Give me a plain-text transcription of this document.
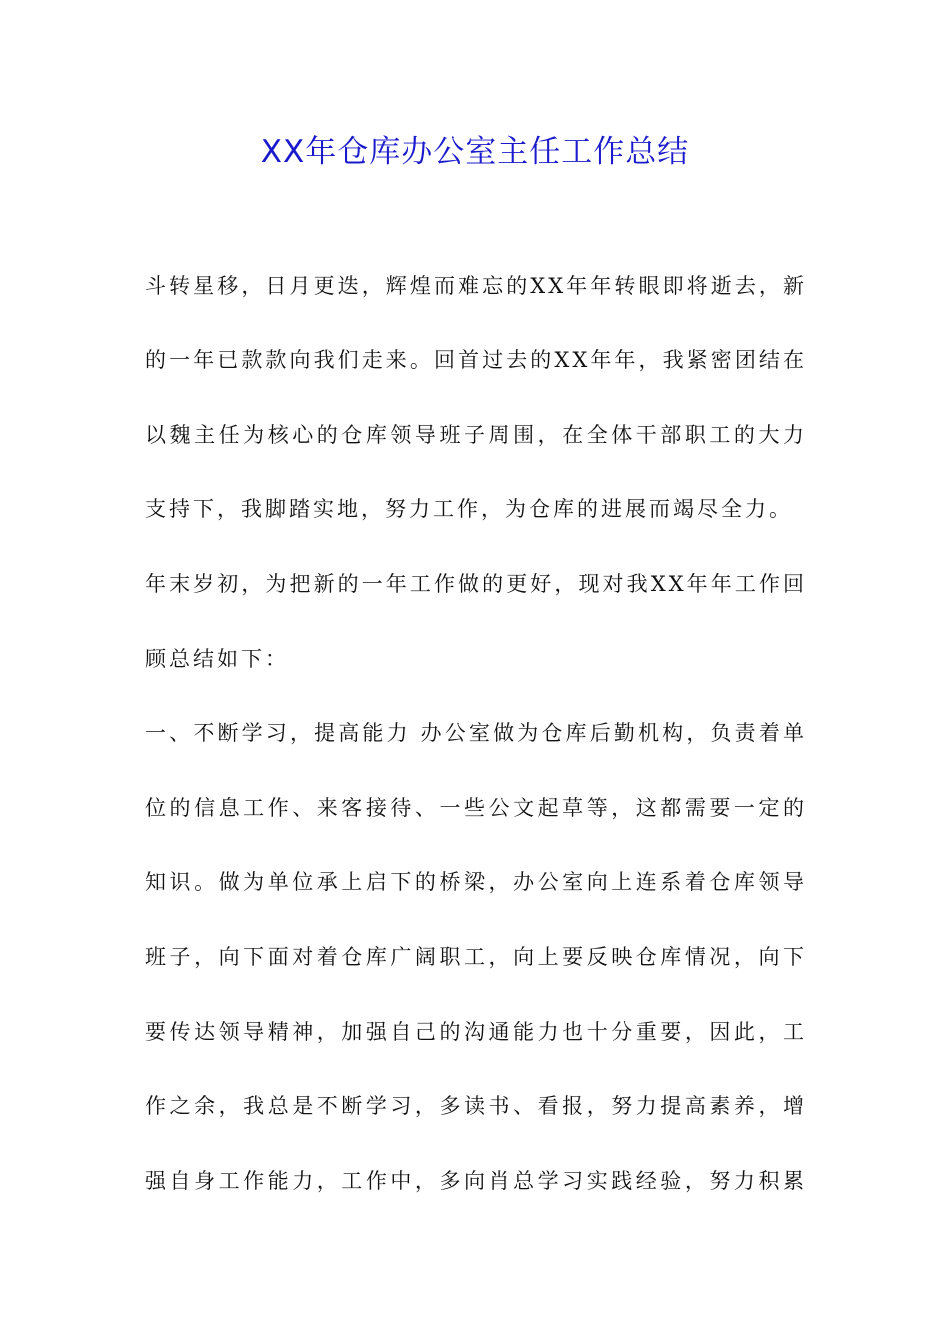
XX年仓库办公室主任工作总结
斗转星移，日月更迭，辉煌而难忘的XX年年转眼即将逝去，新
的一年已款款向我们走来。回首过去的XX年年，我紧密团结在
以魏主任为核心的仓库领导班子周围，在全体干部职工的大力
支持下，我脚踏实地，努力工作，为仓库的进展而竭尽全力。
年末岁初，为把新的一年工作做的更好，现对我XX年年工作回
顾总结如下：
一、不断学习，提高能力 办公室做为仓库后勤机构，负责着单
位的信息工作、来客接待、一些公文起草等，这都需要一定的
知识。做为单位承上启下的桥梁，办公室向上连系着仓库领导
班子，向下面对着仓库广阔职工，向上要反映仓库情况，向下
要传达领导精神，加强自己的沟通能力也十分重要，因此，工
作之余，我总是不断学习，多读书、看报，努力提高素养，增
强自身工作能力，工作中，多向肖总学习实践经验，努力积累
